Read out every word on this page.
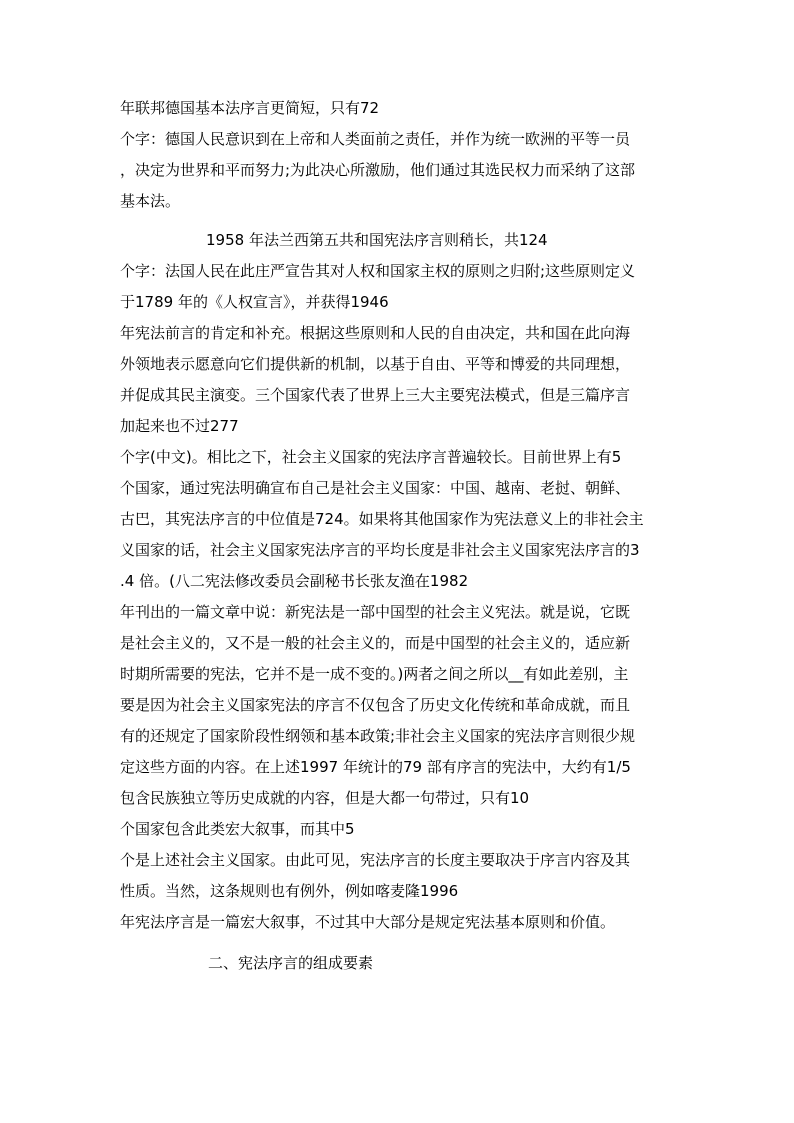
年联邦德国基本法序言更简短，只有72
个字：德国人民意识到在上帝和人类面前之责任，并作为统一欧洲的平等一员
，决定为世界和平而努力;为此决心所激励，他们通过其选民权力而采纳了这部
基本法。
1958 年法兰西第五共和国宪法序言则稍长，共124
个字：法国人民在此庄严宣告其对人权和国家主权的原则之归附;这些原则定义
于1789 年的《人权宣言》，并获得1946
年宪法前言的肯定和补充。根据这些原则和人民的自由决定，共和国在此向海
外领地表示愿意向它们提供新的机制，以基于自由、平等和博爱的共同理想，
并促成其民主演变。三个国家代表了世界上三大主要宪法模式，但是三篇序言
加起来也不过277
个字(中文)。相比之下，社会主义国家的宪法序言普遍较长。目前世界上有5
个国家，通过宪法明确宣布自己是社会主义国家：中国、越南、老挝、朝鲜、
古巴，其宪法序言的中位值是724。如果将其他国家作为宪法意义上的非社会主
义国家的话，社会主义国家宪法序言的平均长度是非社会主义国家宪法序言的3
.4 倍。(八二宪法修改委员会副秘书长张友渔在1982
年刊出的一篇文章中说：新宪法是一部中国型的社会主义宪法。就是说，它既
是社会主义的，又不是一般的社会主义的，而是中国型的社会主义的，适应新
时期所需要的宪法，它并不是一成不变的。)两者之间之所以__有如此差别，主
要是因为社会主义国家宪法的序言不仅包含了历史文化传统和革命成就，而且
有的还规定了国家阶段性纲领和基本政策;非社会主义国家的宪法序言则很少规
定这些方面的内容。在上述1997 年统计的79 部有序言的宪法中，大约有1/5
包含民族独立等历史成就的内容，但是大都一句带过，只有10
个国家包含此类宏大叙事，而其中5
个是上述社会主义国家。由此可见，宪法序言的长度主要取决于序言内容及其
性质。当然，这条规则也有例外，例如喀麦隆1996
年宪法序言是一篇宏大叙事，不过其中大部分是规定宪法基本原则和价值。
二、宪法序言的组成要素
